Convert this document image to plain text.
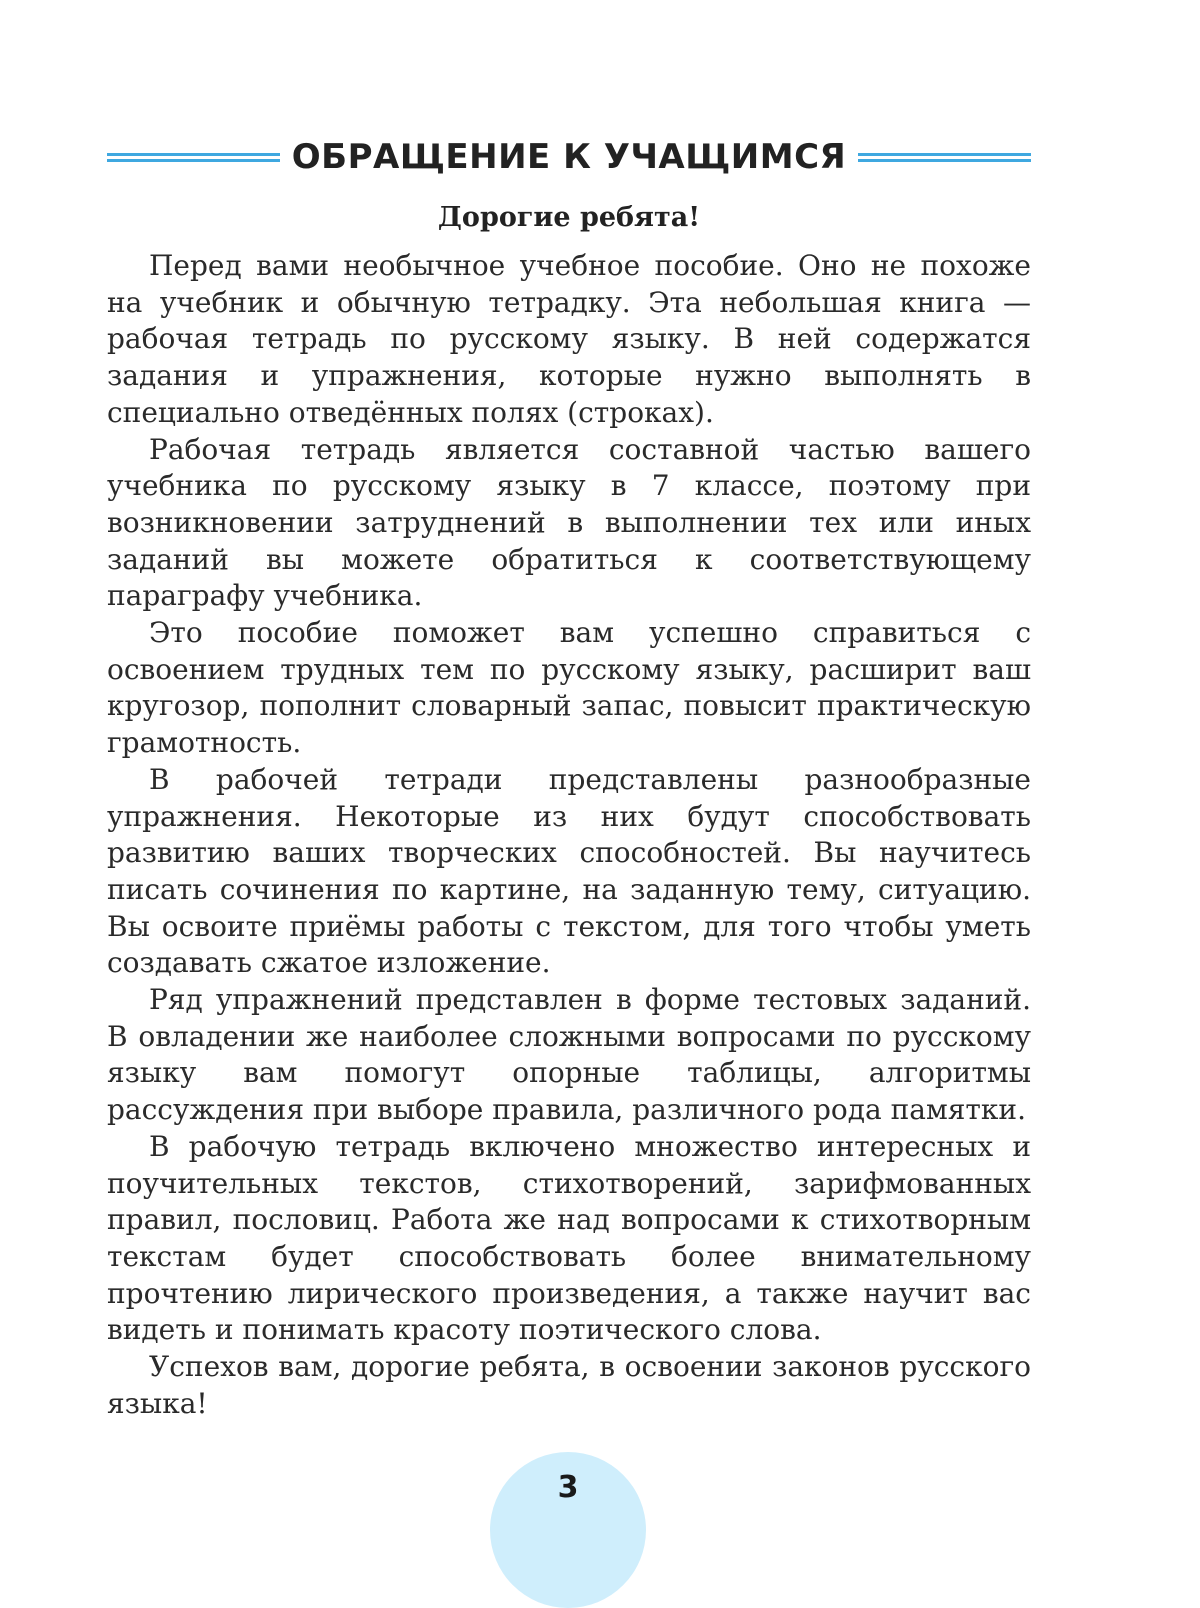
ОБРАЩЕНИЕ К УЧАЩИМСЯ
Дорогие ребята!

Перед вами необычное учебное пособие. Оно не похоже на учебник и обычную тетрадку. Эта небольшая книга — рабочая тетрадь по русскому языку. В ней содержатся задания и упражнения, которые нужно выполнять в специально отведённых полях (строках).

Рабочая тетрадь является составной частью вашего учебника по русскому языку в 7 классе, поэтому при возникновении затруднений в выполнении тех или иных заданий вы можете обратиться к соответствующему параграфу учебника.

Это пособие поможет вам успешно справиться с освоением трудных тем по русскому языку, расширит ваш кругозор, пополнит словарный запас, повысит практическую грамотность.

В рабочей тетради представлены разнообразные упражнения. Некоторые из них будут способствовать развитию ваших творческих способностей. Вы научитесь писать сочинения по картине, на заданную тему, ситуацию. Вы освоите приёмы работы с текстом, для того чтобы уметь создавать сжатое изложение.

Ряд упражнений представлен в форме тестовых заданий. В овладении же наиболее сложными вопросами по русскому языку вам помогут опорные таблицы, алгоритмы рассуждения при выборе правила, различного рода памятки.

В рабочую тетрадь включено множество интересных и поучительных текстов, стихотворений, зарифмованных правил, пословиц. Работа же над вопросами к стихотворным текстам будет способствовать более внимательному прочтению лирического произведения, а также научит вас видеть и понимать красоту поэтического слова.

Успехов вам, дорогие ребята, в освоении законов русского языка!

3
